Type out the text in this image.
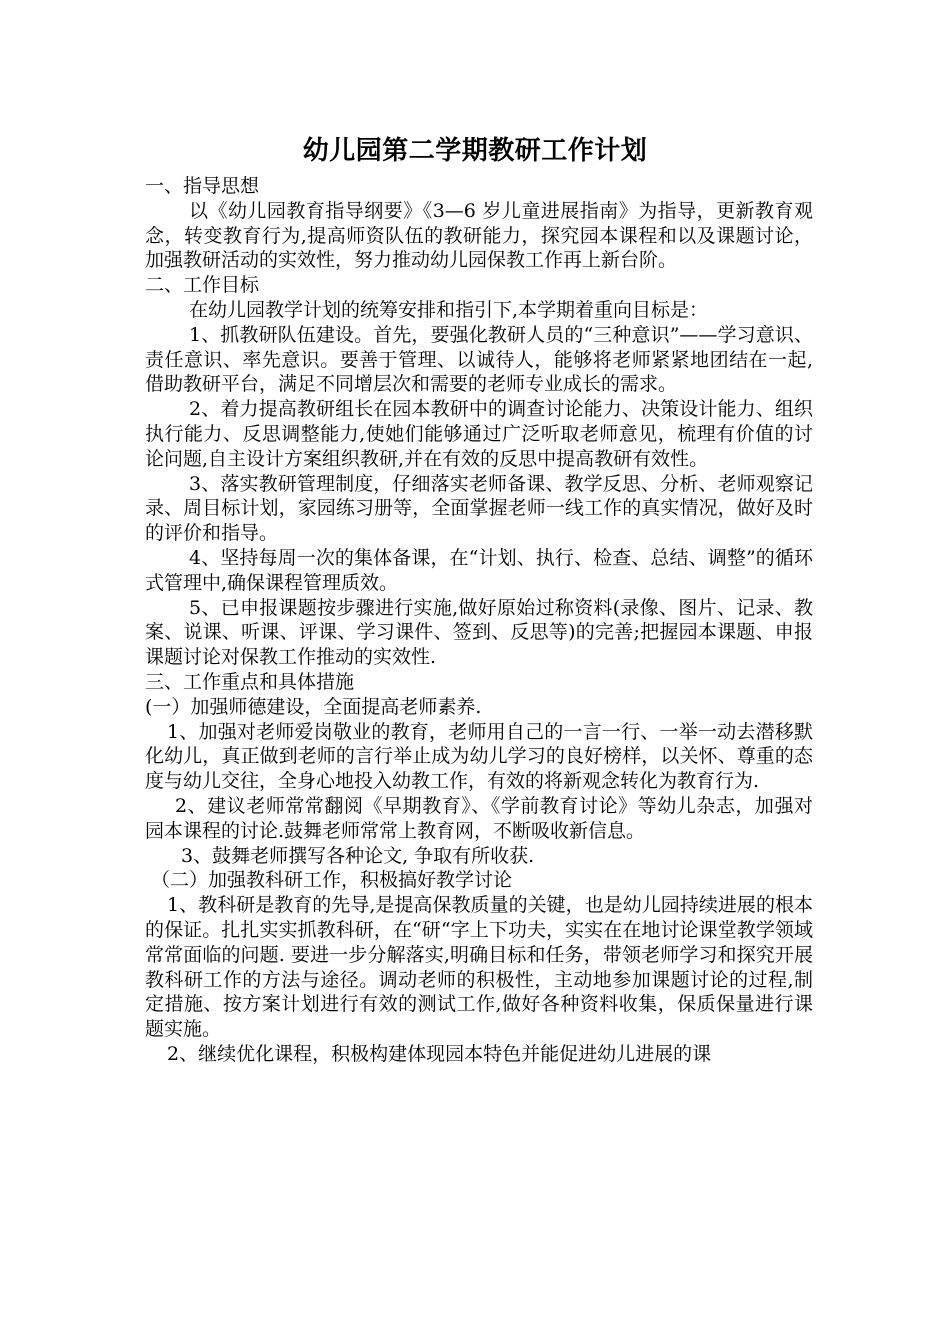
幼儿园第二学期教研工作计划

一、指导思想

以《幼儿园教育指导纲要》《3—6 岁儿童进展指南》为指导，更新教育观念，转变教育行为,提高师资队伍的教研能力，探究园本课程和以及课题讨论，加强教研活动的实效性，努力推动幼儿园保教工作再上新台阶。

二、工作目标

在幼儿园教学计划的统筹安排和指引下,本学期着重向目标是：

1、抓教研队伍建设。首先，要强化教研人员的“三种意识”——学习意识、责任意识、率先意识。要善于管理、以诚待人，能够将老师紧紧地团结在一起,借助教研平台，满足不同增层次和需要的老师专业成长的需求。

2、着力提高教研组长在园本教研中的调查讨论能力、决策设计能力、组织执行能力、反思调整能力,使她们能够通过广泛听取老师意见，梳理有价值的讨论问题,自主设计方案组织教研,并在有效的反思中提高教研有效性。

3、落实教研管理制度，仔细落实老师备课、教学反思、分析、老师观察记录、周目标计划，家园练习册等，全面掌握老师一线工作的真实情况，做好及时的评价和指导。

4、坚持每周一次的集体备课，在“计划、执行、检查、总结、调整”的循环式管理中,确保课程管理质效。

5、已申报课题按步骤进行实施,做好原始过称资料(录像、图片、记录、教案、说课、听课、评课、学习课件、签到、反思等)的完善;把握园本课题、申报课题讨论对保教工作推动的实效性.

三、工作重点和具体措施

(一）加强师德建设，全面提高老师素养.

1、加强对老师爱岗敬业的教育，老师用自己的一言一行、一举一动去潜移默化幼儿，真正做到老师的言行举止成为幼儿学习的良好榜样，以关怀、尊重的态度与幼儿交往，全身心地投入幼教工作，有效的将新观念转化为教育行为.

2、建议老师常常翻阅《早期教育》、《学前教育讨论》等幼儿杂志，加强对园本课程的讨论.鼓舞老师常常上教育网，不断吸收新信息。

3、鼓舞老师撰写各种论文, 争取有所收获.

（二）加强教科研工作，积极搞好教学讨论

1、教科研是教育的先导,是提高保教质量的关键，也是幼儿园持续进展的根本的保证。扎扎实实抓教科研，在“研“字上下功夫，实实在在地讨论课堂教学领域常常面临的问题. 要进一步分解落实,明确目标和任务，带领老师学习和探究开展教科研工作的方法与途径。调动老师的积极性，主动地参加课题讨论的过程,制定措施、按方案计划进行有效的测试工作,做好各种资料收集，保质保量进行课题实施。

2、继续优化课程，积极构建体现园本特色并能促进幼儿进展的课
